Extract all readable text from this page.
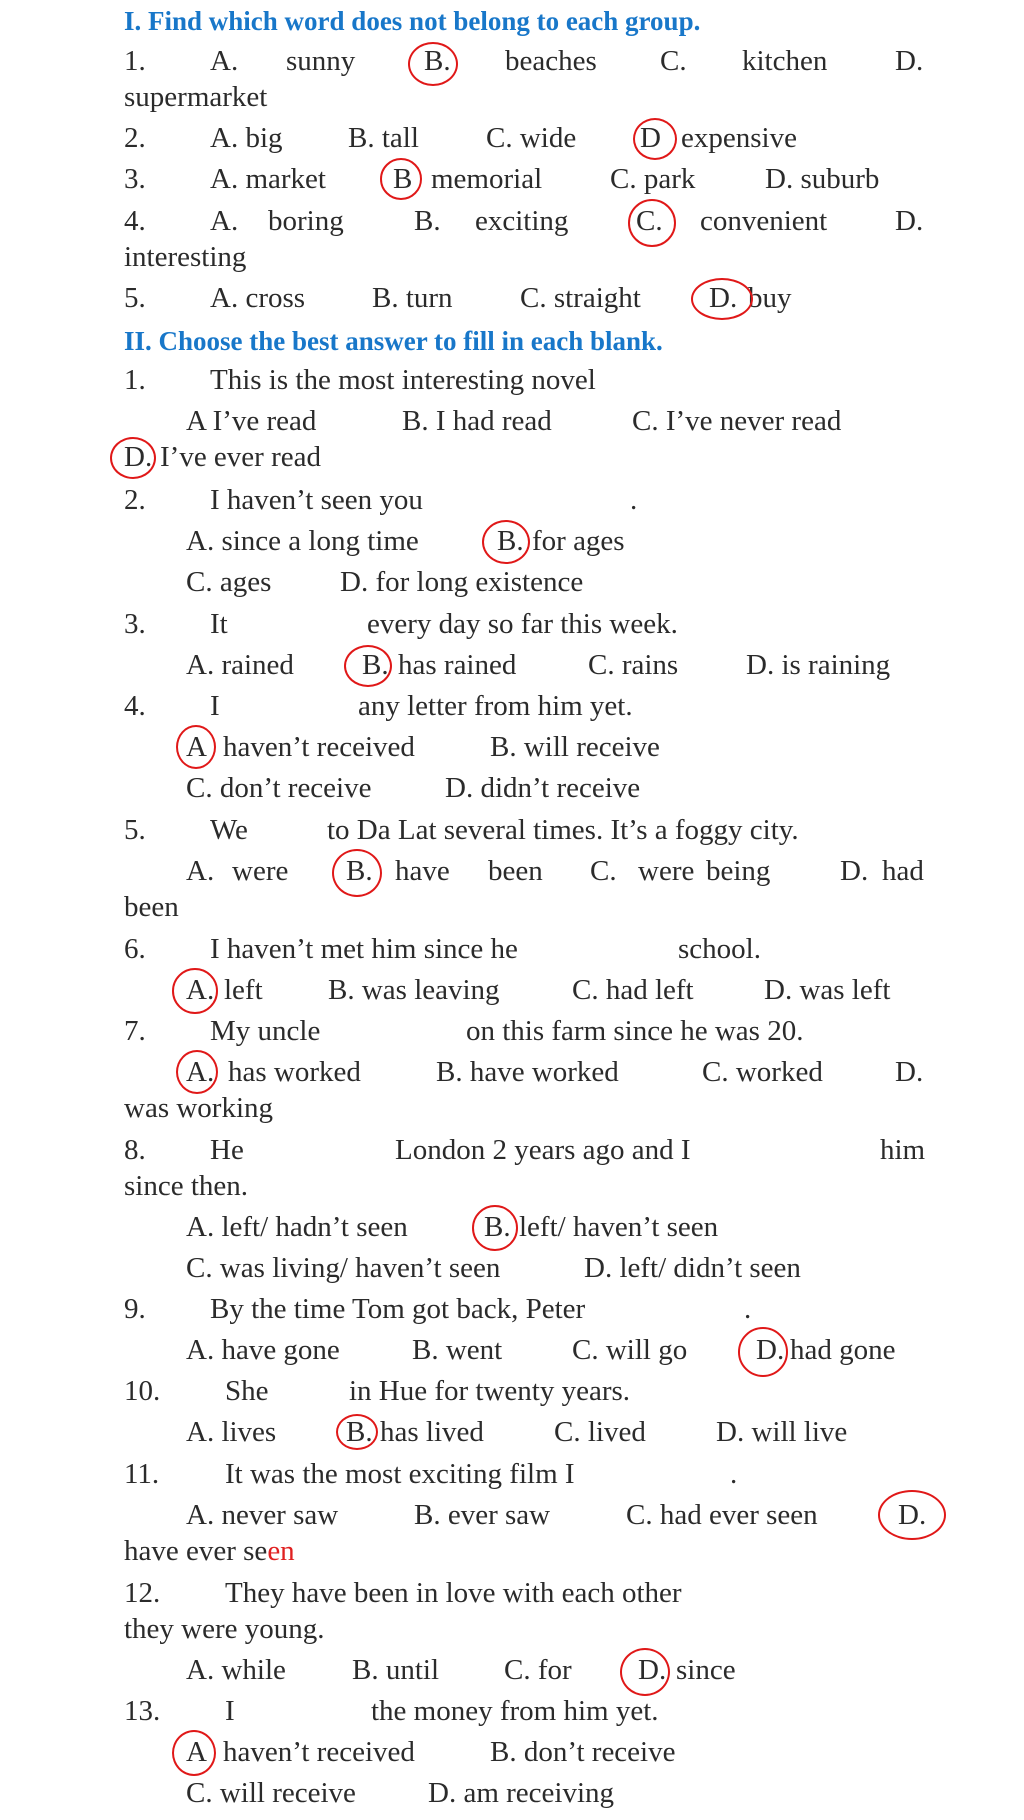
I. Find which word does not belong to each group.
1. A. sunny B. beaches C. kitchen D.
supermarket
2. A. big B. tall C. wide D expensive
3. A. market B memorial C. park D. suburb
4. A. boring B. exciting C. convenient D.
interesting
5. A. cross B. turn C. straight D. buy
II. Choose the best answer to fill in each blank.
1. This is the most interesting novel
A I’ve read	B. I had read	C. I’ve never read
D. I’ve ever read
2. I haven’t seen you	.
A. since a long time	B. for ages
C. ages D. for long existence
3. It	every day so far this week.
A. rained B. has rained C. rains D. is raining
4. I	any letter from him yet.
A haven’t received	B. will receive
C. don’t receive	D. didn’t receive
5. We	to Da Lat several times. It’s a foggy city.
A. were B. have been C. were being D. had
been
6. I haven’t met him since he	school.
A. left B. was leaving C. had left D. was left
7. My uncle	on this farm since he was 20.
A. has worked	B. have worked	C. worked D.
was working
8. He	London 2 years ago and I	him
since then.
A. left/ hadn’t seen	B. left/ haven’t seen
C. was living/ haven’t seen	D. left/ didn’t seen
9. By the time Tom got back, Peter	.
A. have gone B. went C. will go D. had gone
10. She	in Hue for twenty years.
A. lives B. has lived C. lived D. will live
11. It was the most exciting film I	.
A. never saw	B. ever saw	C. had ever seen	D.
have ever seen
12. They have been in love with each other
they were young.
A. while B. until C. for D. since
13. I	the money from him yet.
A haven’t received	B. don’t receive
C. will receive D. am receiving
